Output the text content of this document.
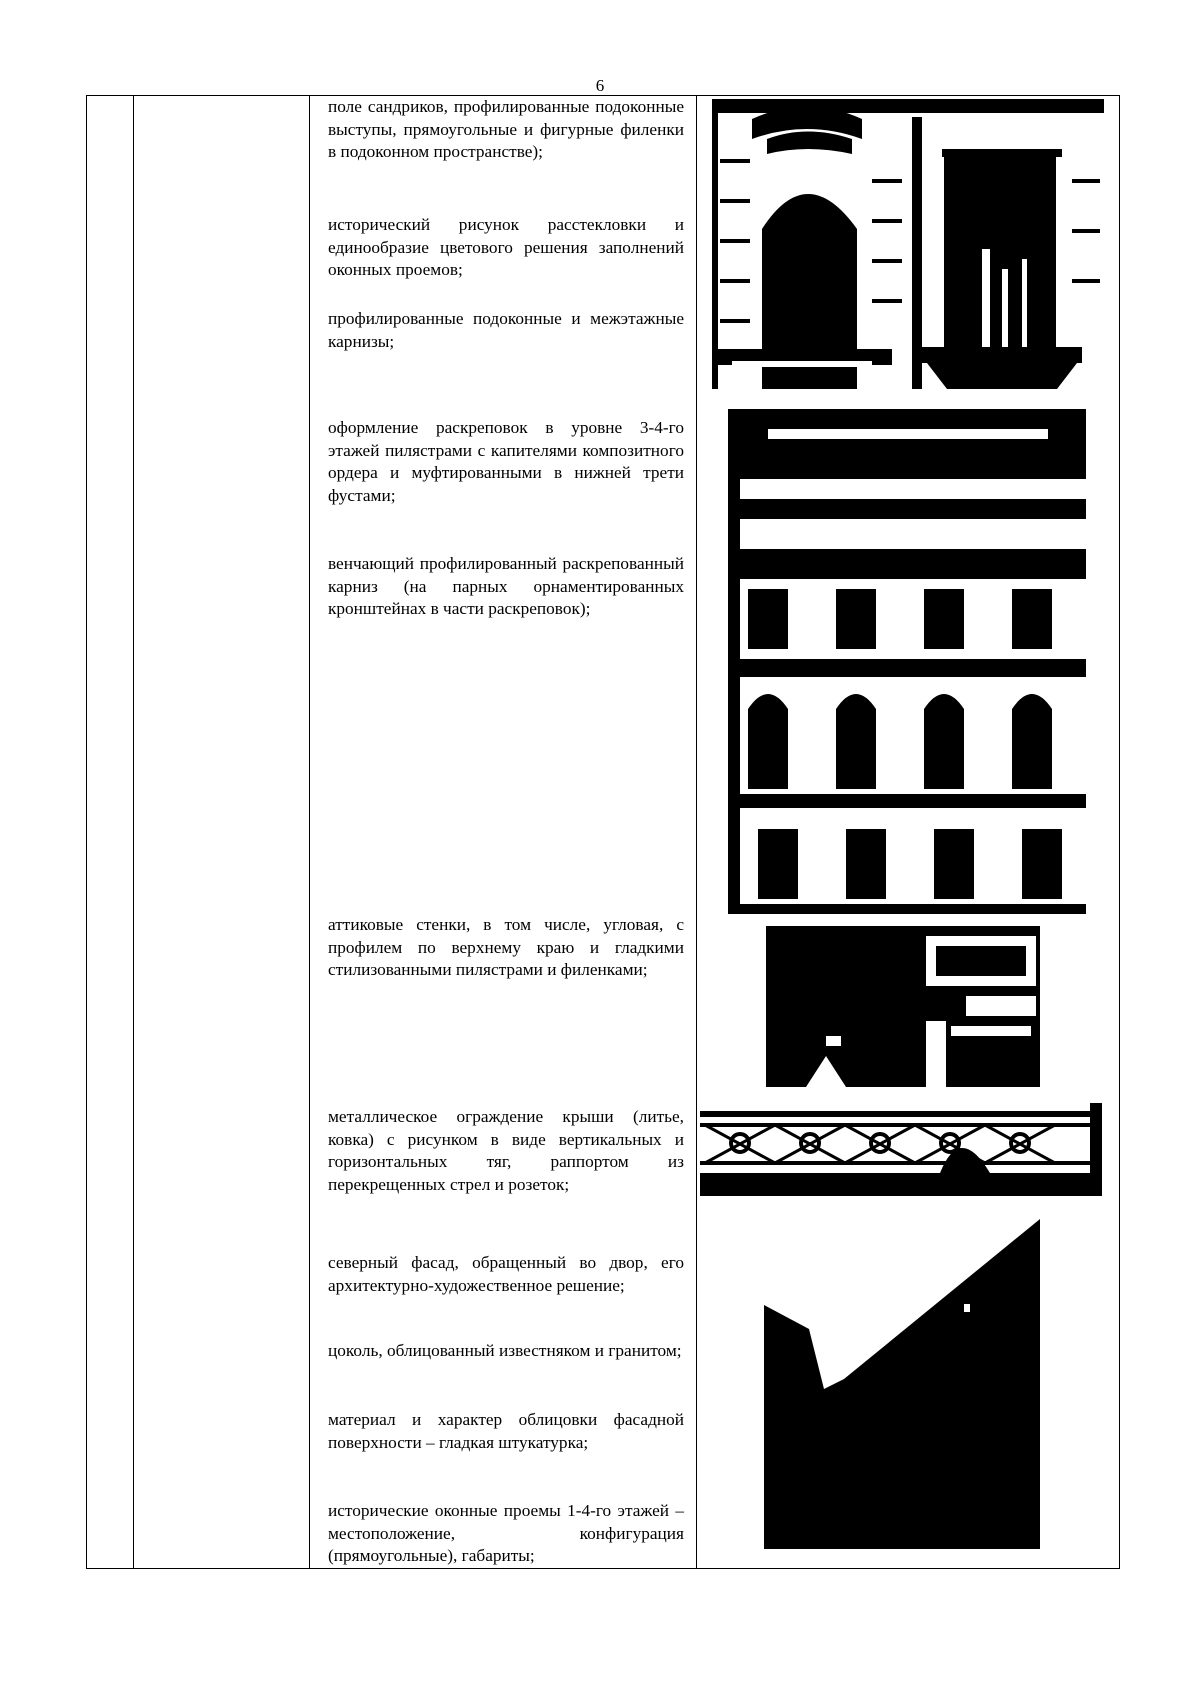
6

поле сандриков, профилированные подоконные выступы, прямоугольные и фигурные филенки в подоконном пространстве);

исторический рисунок расстекловки и единообразие цветового решения заполнений оконных проемов;

профилированные подоконные и межэтажные карнизы;

оформление раскреповок в уровне 3-4-го этажей пилястрами с капителями композитного ордера и муфтированными в нижней трети фустами;

венчающий профилированный раскрепованный карниз (на парных орнаментированных кронштейнах в части раскреповок);

аттиковые стенки, в том числе, угловая, с профилем по верхнему краю и гладкими стилизованными пилястрами и филенками;

металлическое ограждение крыши (литье, ковка) с рисунком в виде вертикальных и горизонтальных тяг, раппортом из перекрещенных стрел и розеток;

северный фасад, обращенный во двор, его архитектурно-художественное решение;

цоколь, облицованный известняком и гранитом;

материал и характер облицовки фасадной поверхности – гладкая штукатурка;

исторические оконные проемы 1-4-го этажей – местоположение, конфигурация (прямоугольные), габариты;
